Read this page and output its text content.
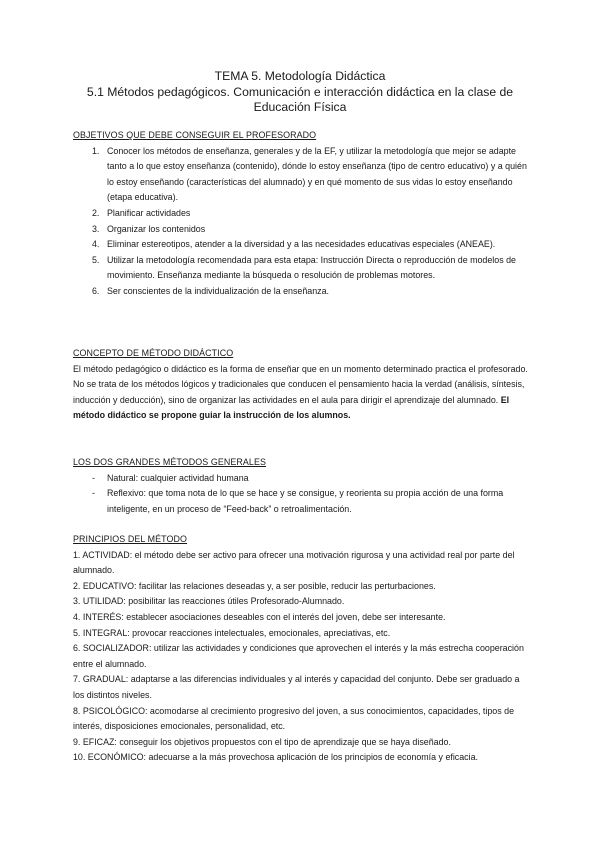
TEMA 5. Metodología Didáctica
5.1 Métodos pedagógicos. Comunicación e interacción didáctica en la clase de Educación Física
OBJETIVOS QUE DEBE CONSEGUIR EL PROFESORADO
1. Conocer los métodos de enseñanza, generales y de la EF, y utilizar la metodología que mejor se adapte tanto a lo que estoy enseñanza (contenido), dónde lo estoy enseñanza (tipo de centro educativo) y a quién lo estoy enseñando (características del alumnado) y en qué momento de sus vidas lo estoy enseñando (etapa educativa).
2. Planificar actividades
3. Organizar los contenidos
4. Eliminar estereotipos, atender a la diversidad y a las necesidades educativas especiales (ANEAE).
5. Utilizar la metodología recomendada para esta etapa: Instrucción Directa o reproducción de modelos de movimiento. Enseñanza mediante la búsqueda o resolución de problemas motores.
6. Ser conscientes de la individualización de la enseñanza.
CONCEPTO DE MÉTODO DIDÁCTICO

El método pedagógico o didáctico es la forma de enseñar que en un momento determinado practica el profesorado. No se trata de los métodos lógicos y tradicionales que conducen el pensamiento hacia la verdad (análisis, síntesis, inducción y deducción), sino de organizar las actividades en el aula para dirigir el aprendizaje del alumnado. El método didáctico se propone guiar la instrucción de los alumnos.

LOS DOS GRANDES MÉTODOS GENERALES
- Natural: cualquier actividad humana
- Reflexivo: que toma nota de lo que se hace y se consigue, y reorienta su propia acción de una forma inteligente, en un proceso de “Feed-back” o retroalimentación.
PRINCIPIOS DEL MÉTODO

1. ACTIVIDAD: el método debe ser activo para ofrecer una motivación rigurosa y una actividad real por parte del alumnado.

2. EDUCATIVO: facilitar las relaciones deseadas y, a ser posible, reducir las perturbaciones.

3. UTILIDAD: posibilitar las reacciones útiles Profesorado-Alumnado.

4. INTERÉS: establecer asociaciones deseables con el interés del joven, debe ser interesante.

5. INTEGRAL: provocar reacciones intelectuales, emocionales, apreciativas, etc.

6. SOCIALIZADOR: utilizar las actividades y condiciones que aprovechen el interés y la más estrecha cooperación entre el alumnado.

7. GRADUAL: adaptarse a las diferencias individuales y al interés y capacidad del conjunto. Debe ser graduado a los distintos niveles.

8. PSICOLÓGICO: acomodarse al crecimiento progresivo del joven, a sus conocimientos, capacidades, tipos de interés, disposiciones emocionales, personalidad, etc.

9. EFICAZ: conseguir los objetivos propuestos con el tipo de aprendizaje que se haya diseñado.

10. ECONÓMICO: adecuarse a la más provechosa aplicación de los principios de economía y eficacia.
